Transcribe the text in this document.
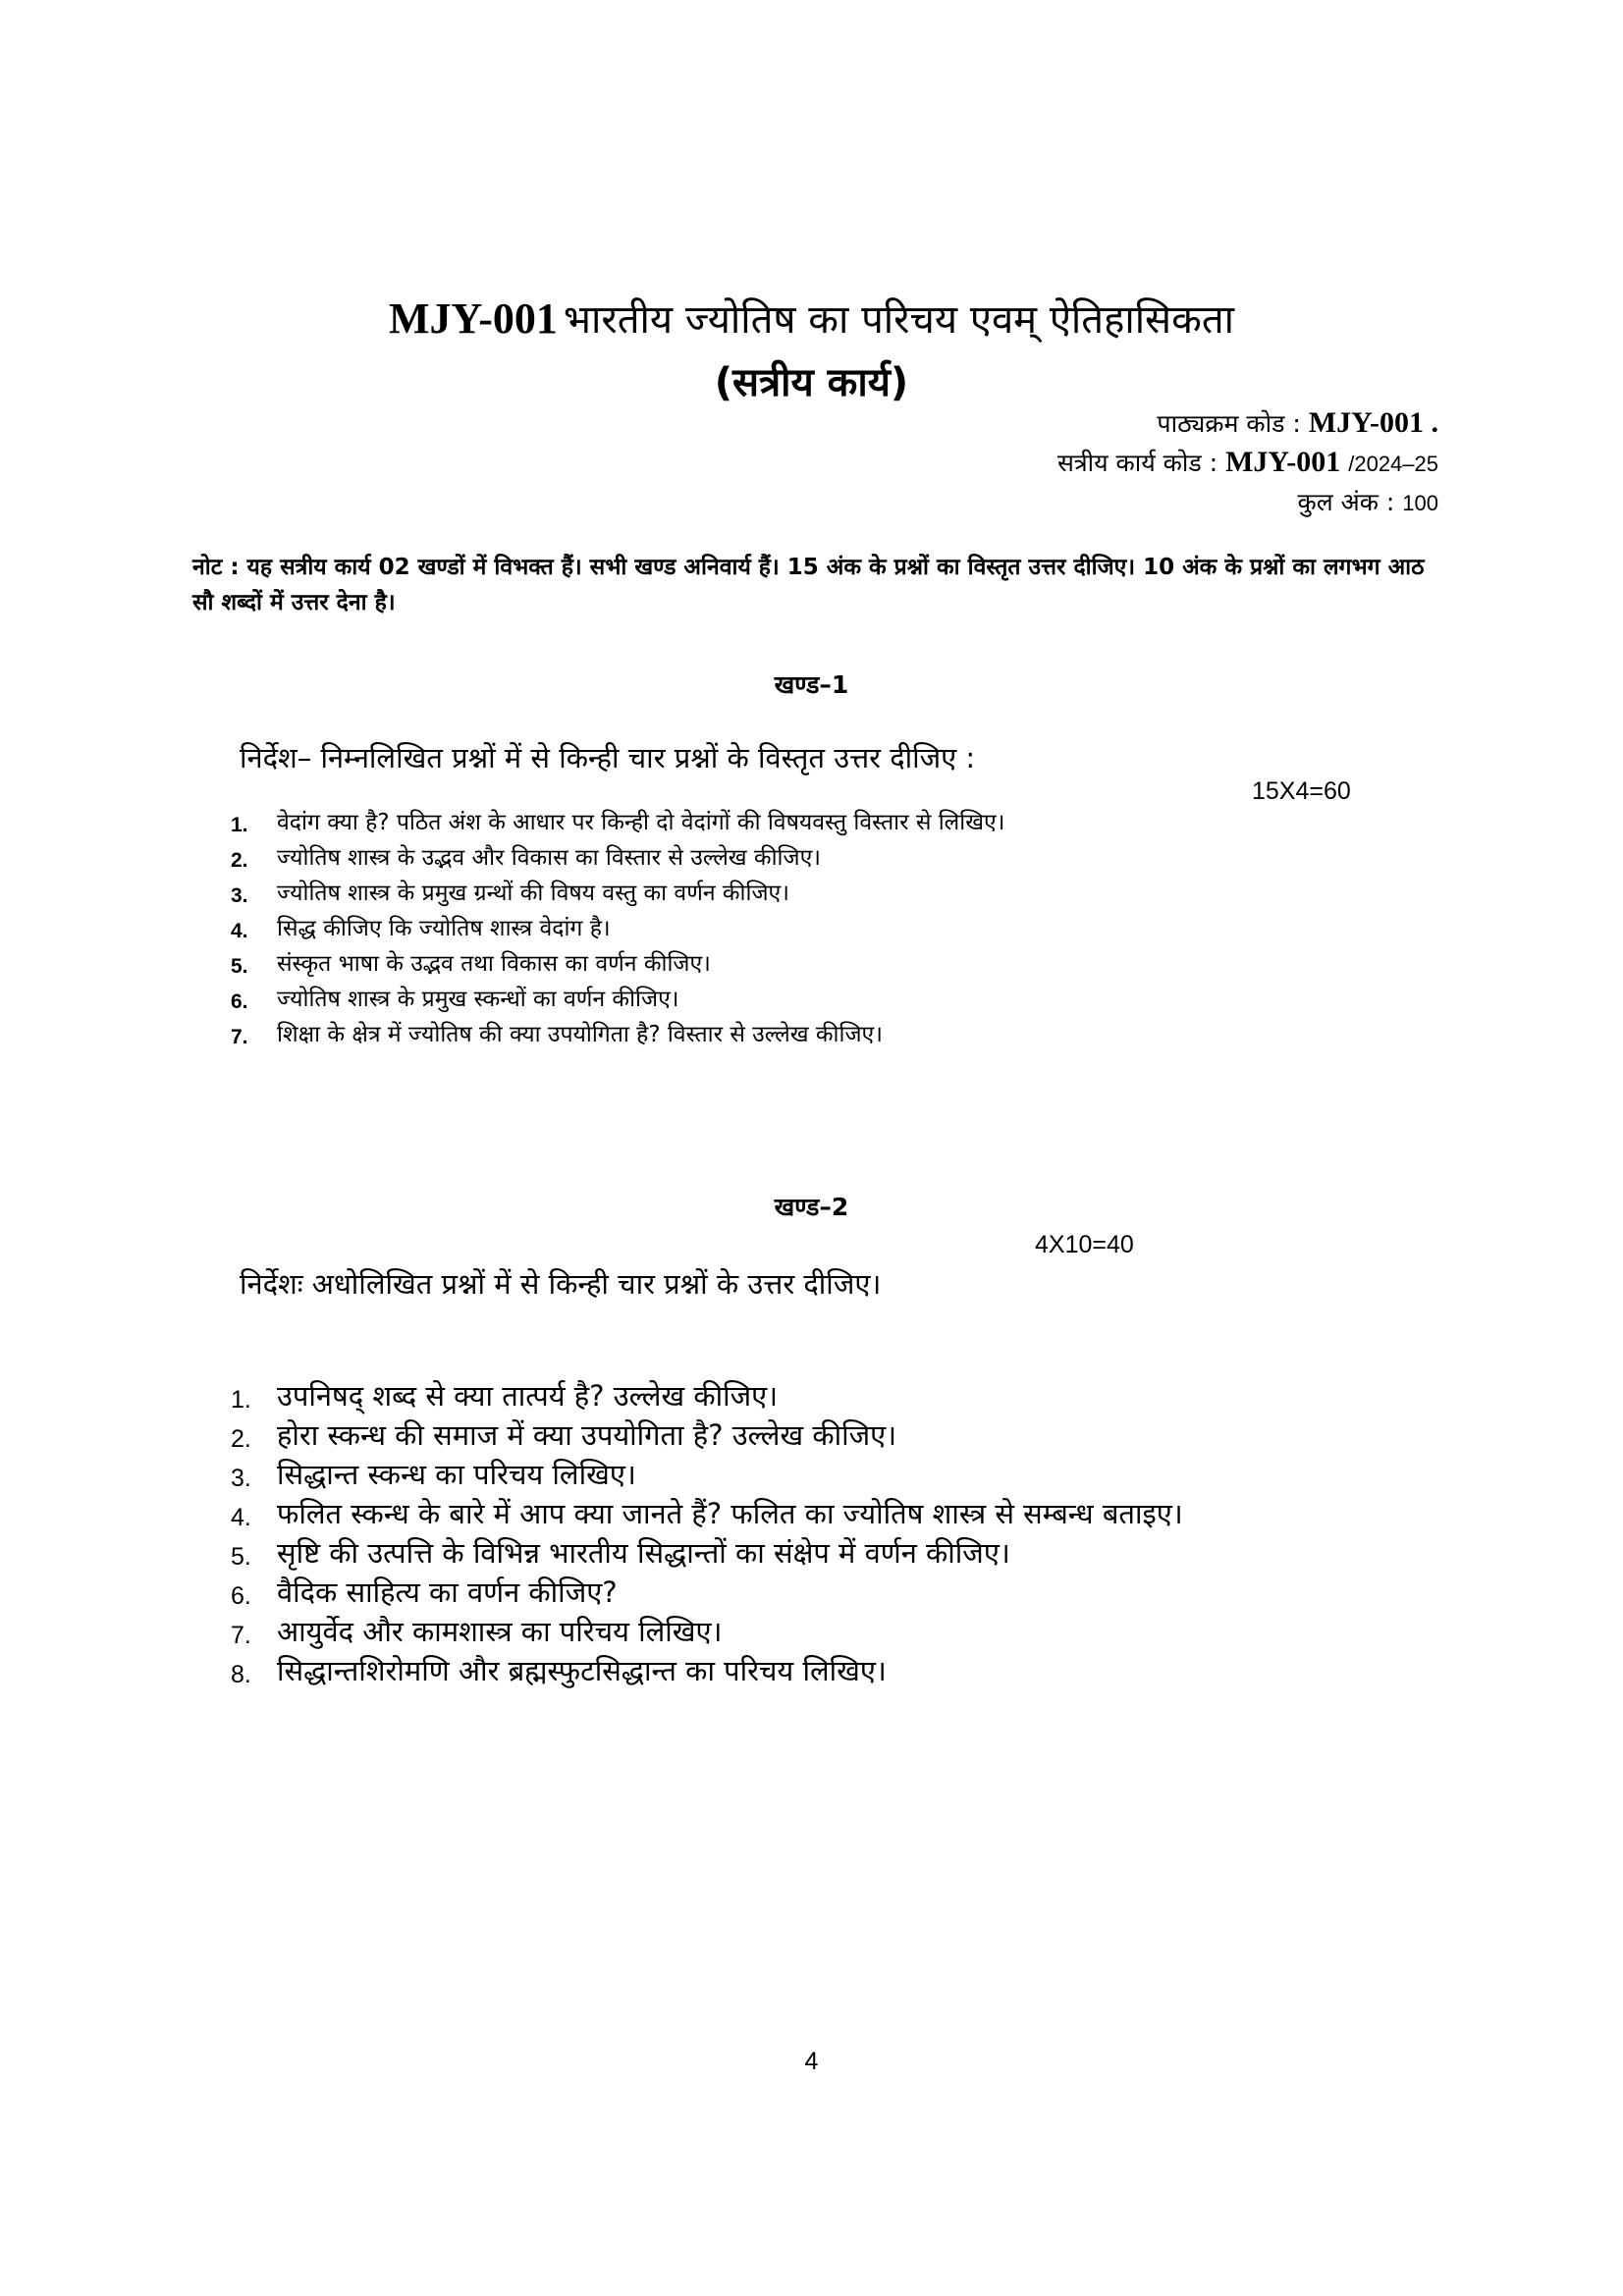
MJY-001 भारतीय ज्योतिष का परिचय एवम् ऐतिहासिकता
(सत्रीय कार्य)
पाठ्यक्रम कोड : MJY-001 .
सत्रीय कार्य कोड : MJY-001 /2024–25
कुल अंक : 100
नोट : यह सत्रीय कार्य 02 खण्डों में विभक्त हैं। सभी खण्ड अनिवार्य हैं। 15 अंक के प्रश्नों का विस्तृत उत्तर दीजिए। 10 अंक के प्रश्नों का लगभग आठ सौ शब्दों में उत्तर देना है।
खण्ड–1
निर्देश– निम्नलिखित प्रश्नों में से किन्ही चार प्रश्नों के विस्तृत उत्तर दीजिए :
15X4=60
1. वेदांग क्या है? पठित अंश के आधार पर किन्ही दो वेदांगों की विषयवस्तु विस्तार से लिखिए।
2. ज्योतिष शास्त्र के उद्भव और विकास का विस्तार से उल्लेख कीजिए।
3. ज्योतिष शास्त्र के प्रमुख ग्रन्थों की विषय वस्तु का वर्णन कीजिए।
4. सिद्ध कीजिए कि ज्योतिष शास्त्र वेदांग है।
5. संस्कृत भाषा के उद्भव तथा विकास का वर्णन कीजिए।
6. ज्योतिष शास्त्र के प्रमुख स्कन्धों का वर्णन कीजिए।
7. शिक्षा के क्षेत्र में ज्योतिष की क्या उपयोगिता है? विस्तार से उल्लेख कीजिए।
खण्ड–2
4X10=40
निर्देशः अधोलिखित प्रश्नों में से किन्ही चार प्रश्नों के उत्तर दीजिए।
1. उपनिषद् शब्द से क्या तात्पर्य है? उल्लेख कीजिए।
2. होरा स्कन्ध की समाज में क्या उपयोगिता है? उल्लेख कीजिए।
3. सिद्धान्त स्कन्ध का परिचय लिखिए।
4. फलित स्कन्ध के बारे में आप क्या जानते हैं? फलित का ज्योतिष शास्त्र से सम्बन्ध बताइए।
5. सृष्टि की उत्पत्ति के विभिन्न भारतीय सिद्धान्तों का संक्षेप में वर्णन कीजिए।
6. वैदिक साहित्य का वर्णन कीजिए?
7. आयुर्वेद और कामशास्त्र का परिचय लिखिए।
8. सिद्धान्तशिरोमणि और ब्रह्मस्फुटसिद्धान्त का परिचय लिखिए।
4
